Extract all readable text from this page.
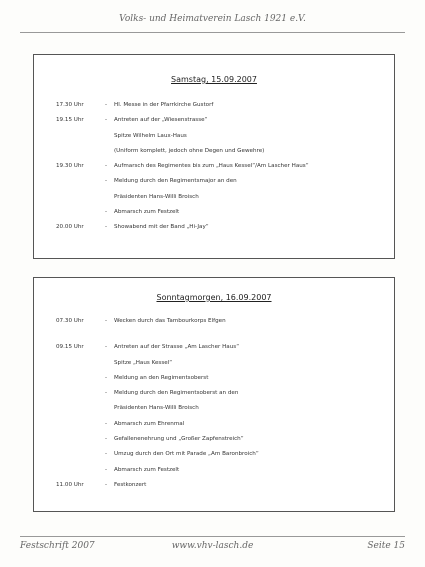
Volks- und Heimatverein Lasch 1921 e.V.
Samstag, 15.09.2007
17.30 Uhr	- Hl. Messe in der Pfarrkirche Gustorf
19.15 Uhr	- Antreten auf der „Wiesenstrasse“
Spitze Wilhelm Laux-Haus
(Uniform komplett, jedoch ohne Degen und Gewehre)
19.30 Uhr	- Aufmarsch des Regimentes bis zum „Haus Kessel“/Am Lascher Haus“
- Meldung durch den Regimentsmajor an den
Präsidenten Hans-Willi Broisch
- Abmarsch zum Festzelt
20.00 Uhr	- Showabend mit der Band „Hi-Jay“
Sonntagmorgen, 16.09.2007
07.30 Uhr	- Wecken durch das Tambourkorps Elfgen
09.15 Uhr	- Antreten auf der Strasse „Am Lascher Haus“
Spitze „Haus Kessel“
- Meldung an den Regimentsoberst
- Meldung durch den Regimentsoberst an den
Präsidenten Hans-Willi Broisch
- Abmarsch zum Ehrenmal
- Gefallenenehrung und „Großer Zapfenstreich“
- Umzug durch den Ort mit Parade „Am Baronbroich“
- Abmarsch zum Festzelt
11.00 Uhr	- Festkonzert
Festschrift 2007	www.vhv-lasch.de	Seite 15
